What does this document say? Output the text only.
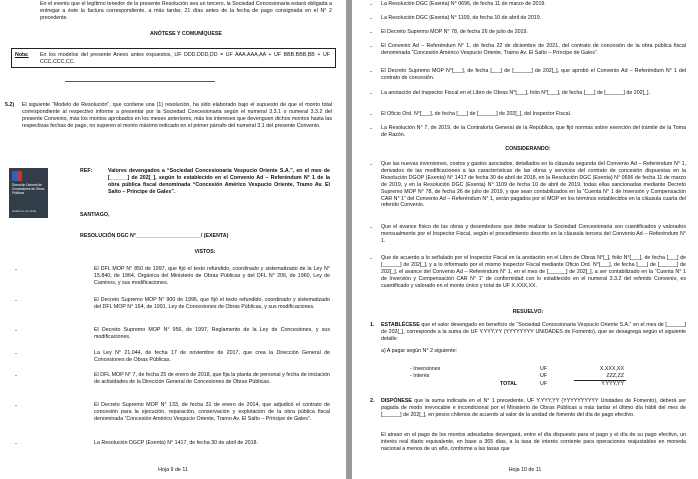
En el evento que el legítimo tenedor de la presente Resolución sea un tercero, la Sociedad Concesionaria estará obligada a entregar a éste la factura correspondiente, a más tardar, 21 días antes de la fecha de pago consignada en el N° 2 precedente.

ANÓTESE Y COMUNÍQUESE

Nota:	En los modelos del presente Anexo antes expuestos, UF DDD.DDD,DD = UF AAA.AAA,AA + UF BBB.BBB,BB + UF CCC.CCC,CC.

5.2)	El siguiente “Modelo de Resolución”, que contiene una (1) resolución, ha sido elaborado bajo el supuesto de que el monto total correspondiente al respectivo informe a presentar por la Sociedad Concesionaria según el numeral 3.3.1 o numeral 3.3.2 del presente Convenio, más los montos aprobados en los meses anteriores, más los intereses que devenguen dichos montos hasta las respectivas fechas de pago, no superen el monto máximo indicado en el primer párrafo del numeral 3.1 del presente Convenio.

Dirección General de Concesiones de Obras Públicas
Gobierno de Chile

REF:	Valores devengados a “Sociedad Concesionaria Vespucio Oriente S.A.”, en el mes de [______] de 202[_], según lo establecido en el Convenio Ad – Referéndum N° 1 de la obra pública fiscal denominada “Concesión Américo Vespucio Oriente, Tramo Av. El Salto – Príncipe de Gales”.

SANTIAGO,

RESOLUCIÓN DGC N°______________________/ (EXENTA)

VISTOS:

-	El DFL MOP N° 850 de 1997, que fijó el texto refundido, coordinado y sistematizado de la Ley N° 15.840, de 1964, Orgánica del Ministerio de Obras Públicas y del DFL N° 206, de 1960, Ley de Caminos, y sus modificaciones.

-	El Decreto Supremo MOP N° 900 de 1996, que fijó el texto refundido, coordinado y sistematizado del DFL MOP N° 164, de 1991, Ley de Concesiones de Obras Públicas, y sus modificaciones.

-	El Decreto Supremo MOP N° 956, de 1997, Reglamento de la Ley de Concesiones, y sus modificaciones.

-	La Ley N° 21.044, de fecha 17 de noviembre de 2017, que crea la Dirección General de Concesiones de Obras Públicas.

-	El DFL MOP N° 7, de fecha 25 de enero de 2018, que fija la planta de personal y fecha de iniciación de actividades de la Dirección General de Concesiones de Obras Públicas.

-	El Decreto Supremo MOP N° 133, de fecha 31 de enero de 2014, que adjudicó el contrato de concesión para la ejecución, reparación, conservación y explotación de la obra pública fiscal denominada “Concesión Américo Vespucio Oriente, Tramo Av. El Salto – Príncipe de Gales”.

-	La Resolución DGCP (Exenta) N° 1417, de fecha 30 de abril de 2018.

Hoja 9 de 11
- La Resolución DGC (Exenta) N° 0696, de fecha 11 de marzo de 2019.

- La Resolución DGC (Exenta) N° 1109, de fecha 10 de abril de 2019.

- El Decreto Supremo MOP N° 78, de fecha 26 de julio de 2019.

- El Convenio Ad – Referéndum N° 1, de fecha 22 de diciembre de 2021, del contrato de concesión de la obra pública fiscal denominada “Concesión Américo Vespucio Oriente, Tramo Av. El Salto – Príncipe de Gales”.

- El Decreto Supremo MOP N°[___], de fecha [___] de [______] de 202[_], que aprobó el Convenio Ad – Referéndum N° 1 del contrato de concesión.

- La anotación del Inspector Fiscal en el Libro de Obras N°[___], folio N°[___], de fecha [___] de [______] de 202[_].

- El Oficio Ord. N°[___], de fecha [___] de [______] de 202[_], del Inspector Fiscal.

- La Resolución N° 7, de 2019, de la Contraloría General de la República, que fijó normas sobre exención del trámite de la Toma de Razón.

CONSIDERANDO:

- Que las nuevas inversiones, costos y gastos asociados, detallados en la cláusula segunda del Convenio Ad – Referéndum N° 1, derivados de las modificaciones a las características de las obras y servicios del contrato de concesión dispuestas en la Resolución DGOP (Exenta) N° 1417 de fecha 30 de abril de 2018, en la Resolución DGC (Exenta) N° 0696 de fecha 11 de marzo de 2019, y en la Resolución DGC (Exenta) N° 1109 de fecha 10 de abril de 2019, todas ellas sancionadas mediante Decreto Supremo MOP N° 78, de fecha 26 de julio de 2019, y que sean contabilizados en la “Cuenta N° 1 de Inversión y Compensación CAR N° 1” del Convenio Ad – Referéndum N° 1, serán pagados por el MOP en los términos establecidos en la cláusula cuarta del referido Convenio.

- Que el avance físico de las obras y desembolsos que debe realizar la Sociedad Concesionaria son cuantificados y valorados mensualmente por el Inspector Fiscal, según el procedimiento descrito en la cláusula tercera del Convenio Ad – Referéndum N° 1.

- Que de acuerdo a lo señalado por el Inspector Fiscal en la anotación en el Libro de Obras N°[_], folio N°[___], de fecha [___] de [______] de 202[_], y a lo informado por el mismo Inspector Fiscal mediante Oficio Ord. N°[___], de fecha [___] de [______] de 202[_], el avance del Convenio Ad – Referéndum N° 1, en el mes de [______] de 202[_], a ser contabilizado en la “Cuenta N° 1 de Inversión y Compensación CAR N° 1” de conformidad con lo establecido en el numeral 3.3.2 del referido Convenio, es cuantificado y valorado en el monto único y total de UF X.XXX,XX.

RESUELVO:

1.	ESTABLÉCESE que el valor devengado en beneficio de “Sociedad Concesionaria Vespucio Oriente S.A.” en el mes de [______] de 202[_], corresponde a la suma de UF Y.YYY,YY (YYYYYYYY UNIDADES de Fomento), que se desagrega según el siguiente detalle:

a) A pagar según N° 2 siguiente:

- Inversiones	UF	X.XXX,XX

- Interés	UF	ZZZ,ZZ

TOTAL	UF	Y.YYY,YY

2.	DISPÓNESE que la suma indicada en el N° 1 precedente, UF Y.YYY,YY (YYYYYYYYYY Unidades de Fomento), deberá ser pagada de modo irrevocable e incondicional por el Ministerio de Obras Públicas a más tardar el último día hábil del mes de [______] de 202[_], en pesos chilenos de acuerdo al valor de la unidad de fomento del día de pago efectivo.

El atraso en el pago de los montos adeudados devengará, entre el día dispuesto para el pago y el día de su pago efectivo, un interés real diario equivalente, en base a 365 días, a la tasa de interés corriente para operaciones reajustables en moneda nacional a menos de un año, conforme a las tasas que

Hoja 10 de 11
